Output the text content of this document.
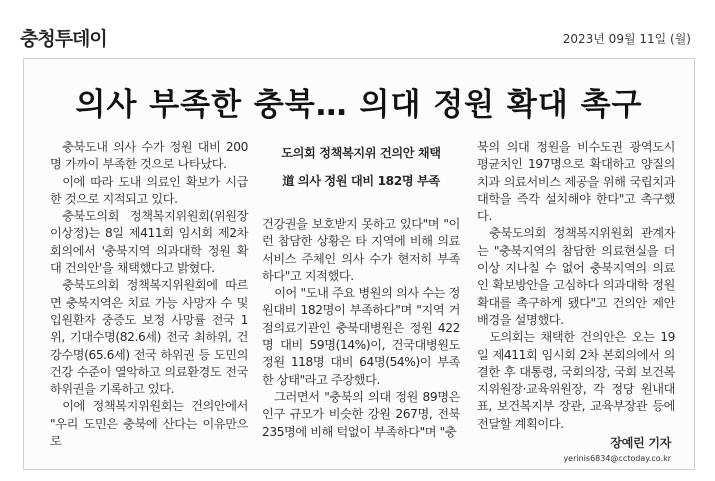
충청투데이	2023년 09월 11일 (월)
의사 부족한 충북… 의대 정원 확대 촉구

충북도내 의사 수가 정원 대비 200명 가까이 부족한 것으로 나타났다.

이에 따라 도내 의료인 확보가 시급한 것으로 지적되고 있다.

충북도의회 정책복지위원회(위원장 이상정)는 8일 제411회 임시회 제2차 회의에서 '충북지역 의과대학 정원 확대 건의안'을 채택했다고 밝혔다.

충북도의회 정책복지위원회에 따르면 충북지역은 치료 가능 사망자 수 및 입원환자 중증도 보정 사망률 전국 1위, 기대수명(82.6세) 전국 최하위, 건강수명(65.6세) 전국 하위권 등 도민의 건강 수준이 열악하고 의료환경도 전국 하위권을 기록하고 있다.

이에 정책복지위원회는 건의안에서 "우리 도민은 충북에 산다는 이유만으로

도의회 정책복지위 건의안 채택
道 의사 정원 대비 182명 부족

건강권을 보호받지 못하고 있다"며 "이런 참담한 상황은 타 지역에 비해 의료서비스 주체인 의사 수가 현저히 부족하다"고 지적했다.

이어 "도내 주요 병원의 의사 수는 정원대비 182명이 부족하다"며 "지역 거점의료기관인 충북대병원은 정원 422명 대비 59명(14%)이, 건국대병원도 정원 118명 대비 64명(54%)이 부족한 상태"라고 주장했다.

그러면서 "충북의 의대 정원 89명은 인구 규모가 비슷한 강원 267명, 전북 235명에 비해 턱없이 부족하다"며 "충

북의 의대 정원을 비수도권 광역도시 평균치인 197명으로 확대하고 양질의 치과 의료서비스 제공을 위해 국립치과대학을 즉각 설치해야 한다"고 촉구했다.

충북도의회 정책복지위원회 관계자는 "충북지역의 참담한 의료현실을 더 이상 지나칠 수 없어 충북지역의 의료인 확보방안을 고심하다 의과대학 정원 확대를 촉구하게 됐다"고 건의안 제안 배경을 설명했다.

도의회는 채택한 건의안은 오는 19일 제411회 임시회 2차 본회의에서 의결한 후 대통령, 국회의장, 국회 보건복지위원장·교육위원장, 각 정당 원내대표, 보건복지부 장관, 교육부장관 등에 전달할 계획이다.

장예린 기자
yerinis6834@cctoday.co.kr
